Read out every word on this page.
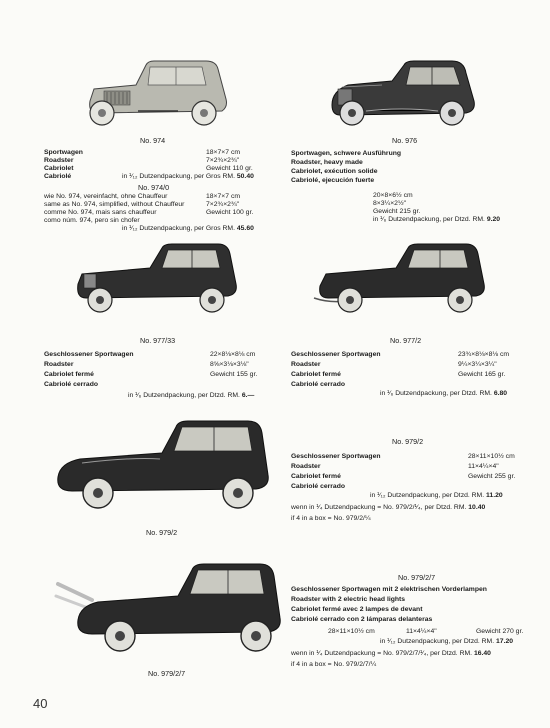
No. 974
Sportwagen
Roadster
Cabriolet
Cabriolé
18×7×7 cm
7×2¾×2¾"
Gewicht 110 gr.
in ¹⁄₁₂ Dutzendpackung, per Gros RM. 50.40
No. 974/0
wie No. 974, vereinfacht, ohne Chauffeur
same as No. 974, simplified, without Chauffeur
comme No. 974, mais sans chauffeur
como núm. 974, pero sin chofer
18×7×7 cm
7×2¾×2¾"
Gewicht 100 gr.
in ¹⁄₁₂ Dutzendpackung, per Gros RM. 45.60
No. 976
Sportwagen, schwere Ausführung
Roadster, heavy made
Cabriolet, exécution solide
Cabriolé, ejecución fuerte
20×8×6½ cm
8×3¼×2½"
Gewicht 215 gr.
in ¹⁄₆ Dutzendpackung, per Dtzd. RM. 9.20
No. 977/33
Geschlossener Sportwagen
Roadster
Cabriolet fermé
Cabriolé cerrado
22×8⅛×8⅛ cm
8⅝×3⅛×3⅛"
Gewicht 155 gr.
in ¹⁄₆ Dutzendpackung, per Dtzd. RM. 6.—
No. 977/2
Geschlossener Sportwagen
Roadster
Cabriolet fermé
Cabriolé cerrado
23¾×8⅛×8⅛ cm
9¼×3¼×3¼"
Gewicht 165 gr.
in ¹⁄₆ Dutzendpackung, per Dtzd. RM. 6.80
No. 979/2
Geschlossener Sportwagen
Roadster
Cabriolet fermé
Cabriolé cerrado
28×11×10½ cm
11×4¼×4"
Gewicht 255 gr.
in ¹⁄₁₂ Dutzendpackung, per Dtzd. RM. 11.20
wenn in ¹⁄₄ Dutzendpackung = No. 979/2/¹⁄₄, per Dtzd. RM. 10.40
if 4 in a box = No. 979/2/¼
No. 979/2
No. 979/2/7
Geschlossener Sportwagen mit 2 elektrischen Vorderlampen
Roadster with 2 electric head lights
Cabriolet fermé avec 2 lampes de devant
Cabriolé cerrado con 2 lámparas delanteras
28×11×10½ cm	11×4¼×4"	Gewicht 270 gr.
in ¹⁄₁₂ Dutzendpackung, per Dtzd. RM. 17.20
wenn in ¹⁄₄ Dutzendpackung = No. 979/2/7/¹⁄₄, per Dtzd. RM. 16.40
if 4 in a box = No. 979/2/7/¼
No. 979/2/7
40
